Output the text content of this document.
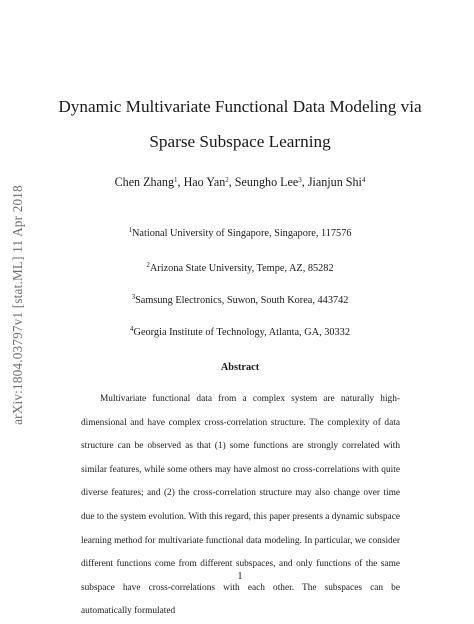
arXiv:1804.03797v1 [stat.ML] 11 Apr 2018
Dynamic Multivariate Functional Data Modeling via
Sparse Subspace Learning
Chen Zhang$^1$, Hao Yan$^2$, Seungho Lee$^3$, Jianjun Shi$^4$
$^1$National University of Singapore, Singapore, 117576
$^2$Arizona State University, Tempe, AZ, 85282
$^3$Samsung Electronics, Suwon, South Korea, 443742
$^4$Georgia Institute of Technology, Atlanta, GA, 30332
Abstract
Multivariate functional data from a complex system are naturally high-dimensional and have complex cross-correlation structure. The complexity of data structure can be observed as that (1) some functions are strongly correlated with similar features, while some others may have almost no cross-correlations with quite diverse features; and (2) the cross-correlation structure may also change over time due to the system evolution. With this regard, this paper presents a dynamic subspace learning method for multivariate functional data modeling. In particular, we consider different functions come from different subspaces, and only functions of the same subspace have cross-correlations with each other. The subspaces can be automatically formulated
1
